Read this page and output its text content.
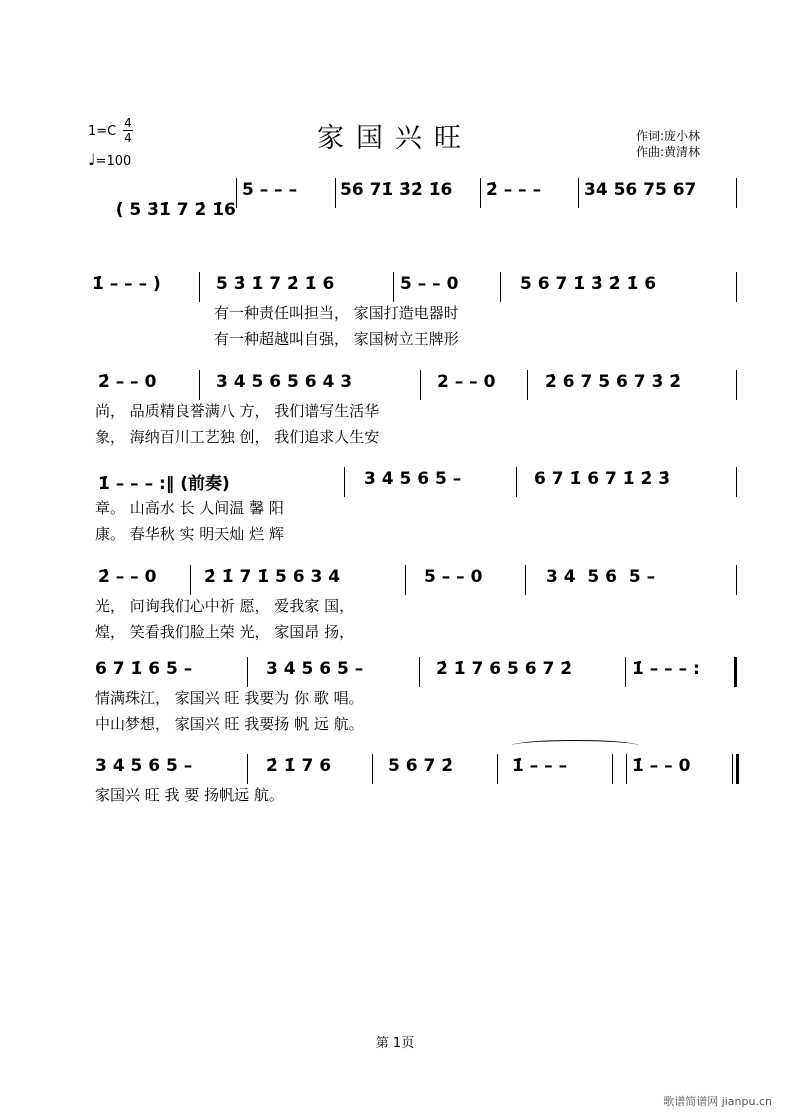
1=C
4
4
♩=100
家国兴旺	作词:庞小林
作曲:黄清林

( 5 3̇1̇ 7 2̇ 1̇6

5 – – –	56 71̇ 3̇2̇ 1̇6 2̇ – – –	34 56 75 67
1̇ – – – )	5 3̇ 1̇ 7 2̇ 1̇ 6	5 – – 0	5 6 7 1̇ 3̇ 2̇ 1̇ 6
有一种责任叫担当， 家国打造电器时
有一种超越叫自强， 家国树立王牌形
2̇ – – 0	3 4 5 6 5 6 4 3	2 – – 0	2̇ 6 7 5 6 7 3̇ 2̇
尚， 品质精良誉满八 方， 我们谱写生活华
象， 海纳百川工艺独 创， 我们追求人生安
1̇ – – – :‖ (前奏)	3 4 5 6 5 –	6 7 1̇ 6 7 1̇ 2̇ 3̇
章。 山高水 长 人间温 馨 阳
康。 春华秋 实 明天灿 烂 辉
2̇ – – 0	2̇ 1̇ 7 1̇ 5 6 3 4	5 – – 0	3 4  5 6  5 –
光， 问询我们心中祈 愿， 爱我家 国，
煌， 笑看我们脸上荣 光， 家国昂 扬，
6 7 1̇ 6 5 –	3 4 5 6 5 –	2̇ 1̇ 7 6 5 6 7 2̇	1̇ – – – :
情满珠江， 家国兴 旺 我要为 你 歌 唱。
中山梦想， 家国兴 旺 我要扬 帆 远 航。
3 4 5 6 5 –	2̇ 1̇ 7 6	5 6 7 2̇	1̇ – – –	1̇ – – 0
家国兴 旺 我 要 扬帆远 航。
第 1页
歌谱简谱网 jianpu.cn
